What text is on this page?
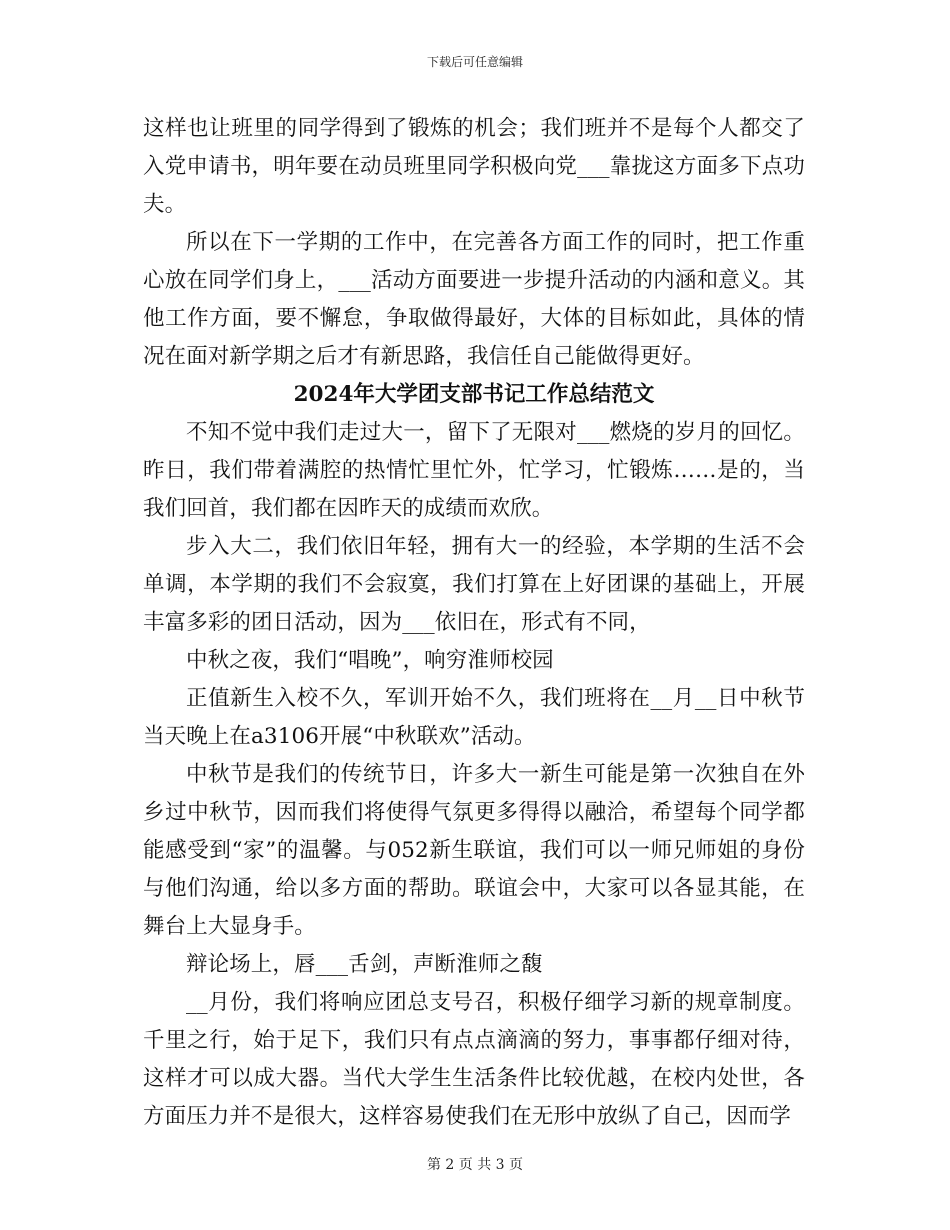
下载后可任意编辑

这样也让班里的同学得到了锻炼的机会；我们班并不是每个人都交了入党申请书，明年要在动员班里同学积极向党___靠拢这方面多下点功夫。

所以在下一学期的工作中，在完善各方面工作的同时，把工作重心放在同学们身上，___活动方面要进一步提升活动的内涵和意义。其他工作方面，要不懈怠，争取做得最好，大体的目标如此，具体的情况在面对新学期之后才有新思路，我信任自己能做得更好。

2024年大学团支部书记工作总结范文

不知不觉中我们走过大一，留下了无限对___燃烧的岁月的回忆。昨日，我们带着满腔的热情忙里忙外，忙学习，忙锻炼……是的，当我们回首，我们都在因昨天的成绩而欢欣。

步入大二，我们依旧年轻，拥有大一的经验，本学期的生活不会单调，本学期的我们不会寂寞，我们打算在上好团课的基础上，开展丰富多彩的团日活动，因为___依旧在，形式有不同，

中秋之夜，我们“唱晚”，响穷淮师校园

正值新生入校不久，军训开始不久，我们班将在__月__日中秋节当天晚上在a3106开展“中秋联欢”活动。

中秋节是我们的传统节日，许多大一新生可能是第一次独自在外乡过中秋节，因而我们将使得气氛更多得得以融洽，希望每个同学都能感受到“家”的温馨。与052新生联谊，我们可以一师兄师姐的身份与他们沟通，给以多方面的帮助。联谊会中，大家可以各显其能，在舞台上大显身手。

辩论场上，唇___舌剑，声断淮师之馥

__月份，我们将响应团总支号召，积极仔细学习新的规章制度。千里之行，始于足下，我们只有点点滴滴的努力，事事都仔细对待，这样才可以成大器。当代大学生生活条件比较优越，在校内处世，各方面压力并不是很大，这样容易使我们在无形中放纵了自己，因而学

第 2 页 共 3 页
